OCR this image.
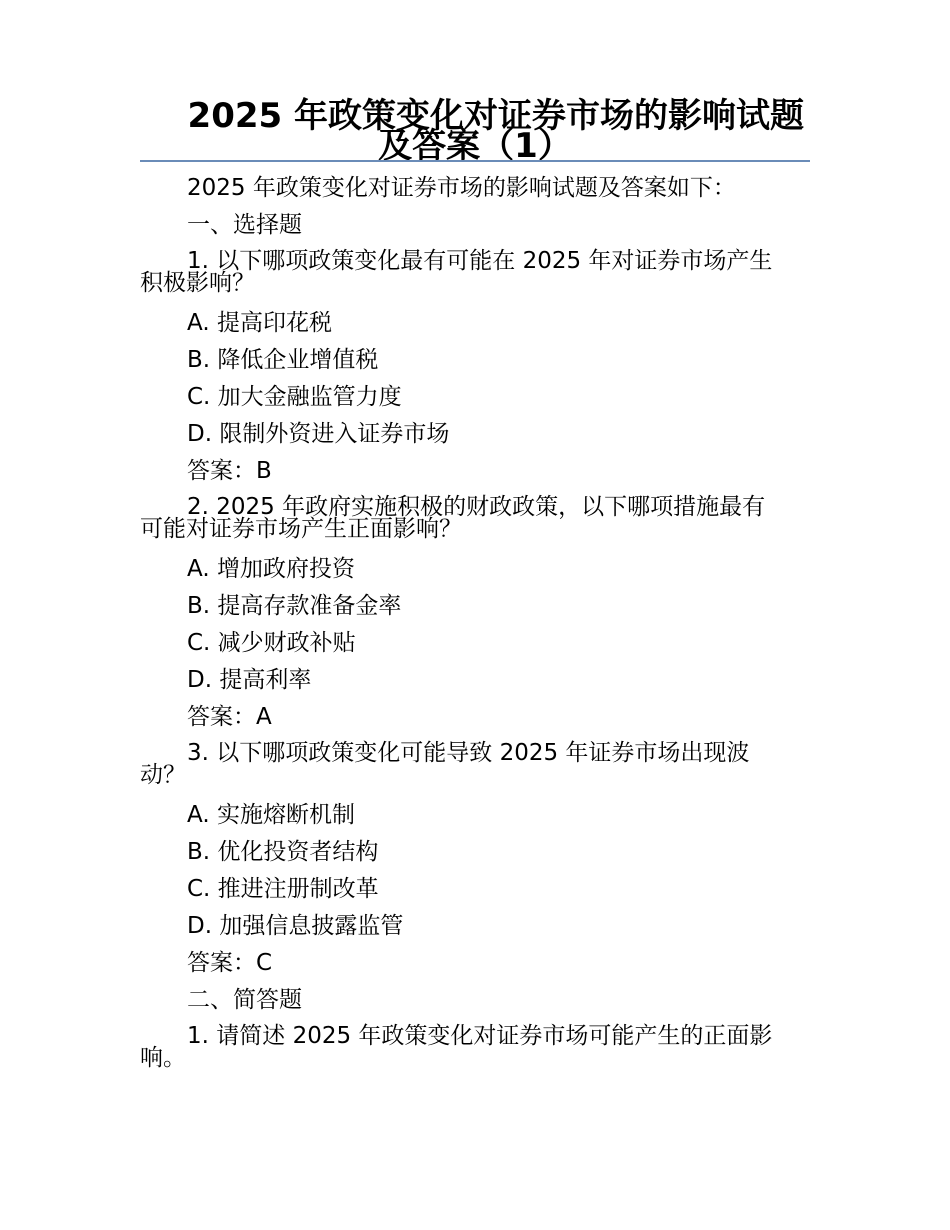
2025 年政策变化对证券市场的影响试题
及答案（1）

2025 年政策变化对证券市场的影响试题及答案如下：

一、选择题

1. 以下哪项政策变化最有可能在 2025 年对证券市场产生
积极影响？

A. 提高印花税

B. 降低企业增值税

C. 加大金融监管力度

D. 限制外资进入证券市场

答案：B

2. 2025 年政府实施积极的财政政策，以下哪项措施最有
可能对证券市场产生正面影响？

A. 增加政府投资

B. 提高存款准备金率

C. 减少财政补贴

D. 提高利率

答案：A

3. 以下哪项政策变化可能导致 2025 年证券市场出现波
动？

A. 实施熔断机制

B. 优化投资者结构

C. 推进注册制改革

D. 加强信息披露监管

答案：C

二、简答题

1. 请简述 2025 年政策变化对证券市场可能产生的正面影
响。
